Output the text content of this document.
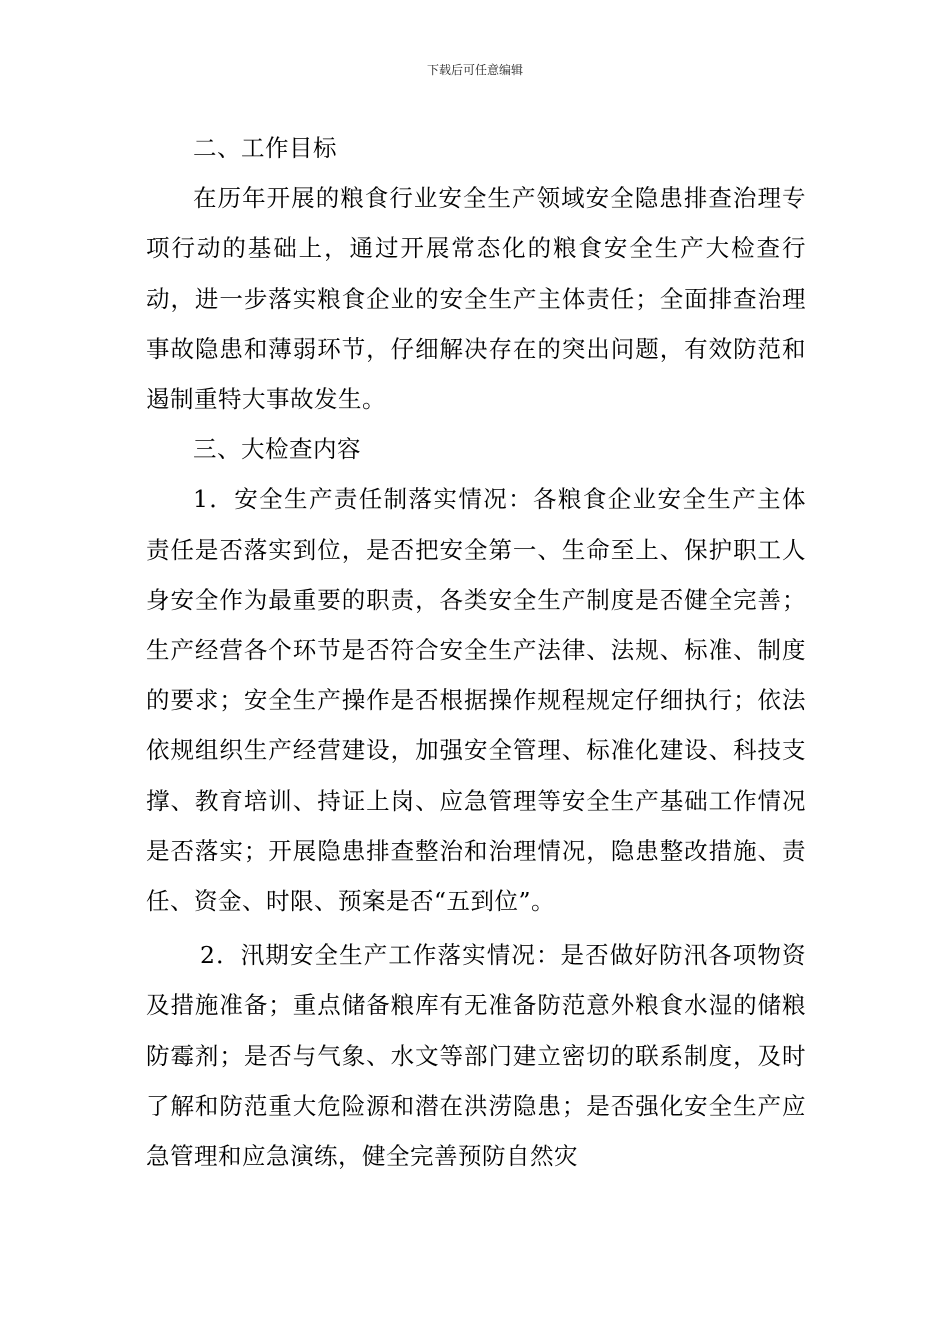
下载后可任意编辑

二、工作目标

在历年开展的粮食行业安全生产领域安全隐患排查治理专项行动的基础上，通过开展常态化的粮食安全生产大检查行动，进一步落实粮食企业的安全生产主体责任；全面排查治理事故隐患和薄弱环节，仔细解决存在的突出问题，有效防范和遏制重特大事故发生。

三、大检查内容

1．安全生产责任制落实情况：各粮食企业安全生产主体责任是否落实到位，是否把安全第一、生命至上、保护职工人身安全作为最重要的职责，各类安全生产制度是否健全完善；生产经营各个环节是否符合安全生产法律、法规、标准、制度的要求；安全生产操作是否根据操作规程规定仔细执行；依法依规组织生产经营建设，加强安全管理、标准化建设、科技支撑、教育培训、持证上岗、应急管理等安全生产基础工作情况是否落实；开展隐患排查整治和治理情况，隐患整改措施、责任、资金、时限、预案是否“五到位”。

2．汛期安全生产工作落实情况：是否做好防汛各项物资及措施准备；重点储备粮库有无准备防范意外粮食水湿的储粮防霉剂；是否与气象、水文等部门建立密切的联系制度，及时了解和防范重大危险源和潜在洪涝隐患；是否强化安全生产应急管理和应急演练，健全完善预防自然灾
